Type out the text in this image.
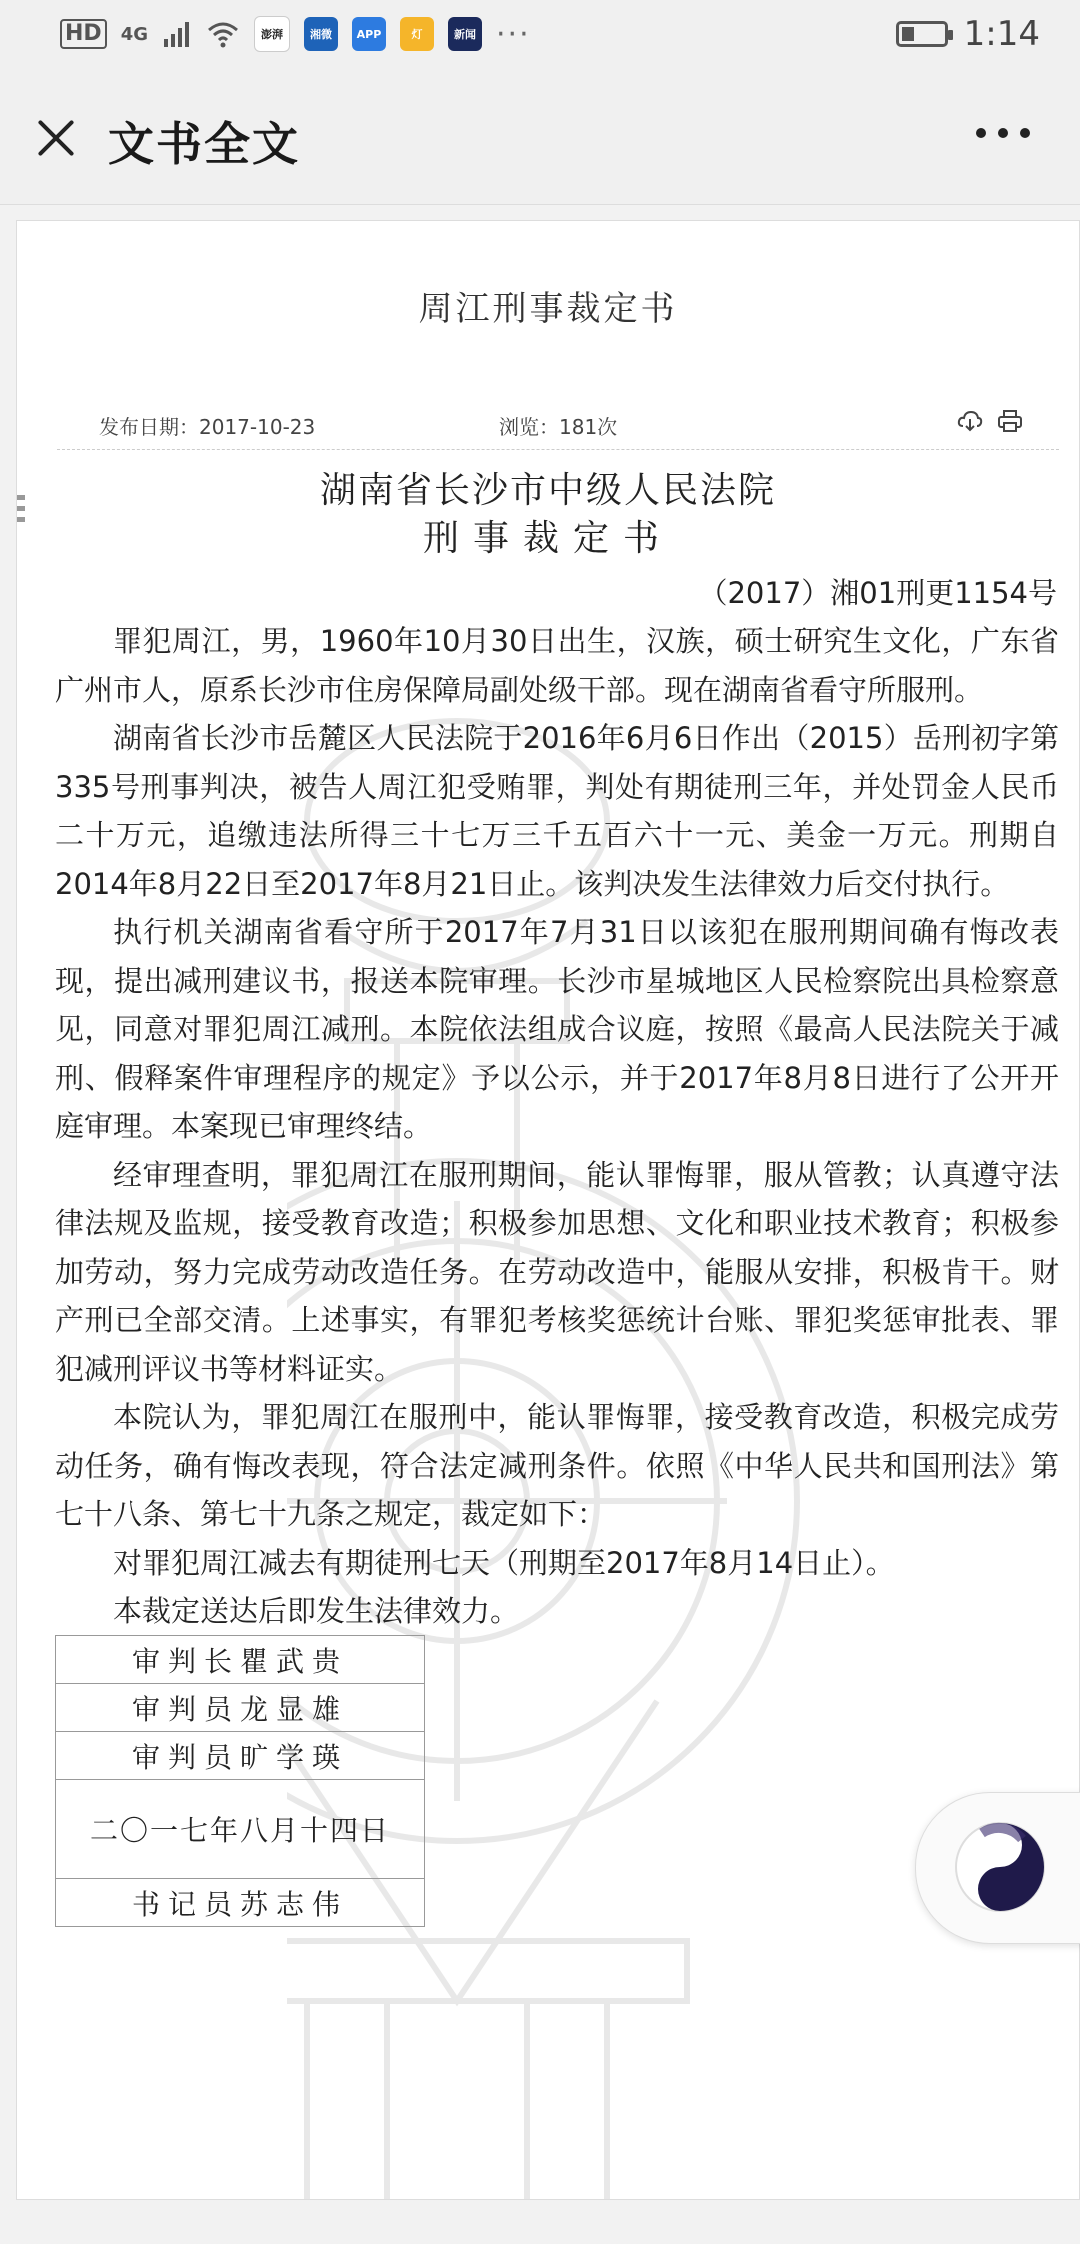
HD 4G	澎湃	湘微	APP	灯	新闻 ···	1:14
文书全文
周江刑事裁定书
发布日期：2017-10-23	浏览：181次
湖南省长沙市中级人民法院
刑事裁定书
（2017）湘01刑更1154号

罪犯周江，男，1960年10月30日出生，汉族，硕士研究生文化，广东省广州市人，原系长沙市住房保障局副处级干部。现在湖南省看守所服刑。

湖南省长沙市岳麓区人民法院于2016年6月6日作出（2015）岳刑初字第335号刑事判决，被告人周江犯受贿罪，判处有期徒刑三年，并处罚金人民币二十万元，追缴违法所得三十七万三千五百六十一元、美金一万元。刑期自2014年8月22日至2017年8月21日止。该判决发生法律效力后交付执行。

执行机关湖南省看守所于2017年7月31日以该犯在服刑期间确有悔改表现，提出减刑建议书，报送本院审理。长沙市星城地区人民检察院出具检察意见，同意对罪犯周江减刑。本院依法组成合议庭，按照《最高人民法院关于减刑、假释案件审理程序的规定》予以公示，并于2017年8月8日进行了公开开庭审理。本案现已审理终结。

经审理查明，罪犯周江在服刑期间，能认罪悔罪，服从管教；认真遵守法律法规及监规，接受教育改造；积极参加思想、文化和职业技术教育；积极参加劳动，努力完成劳动改造任务。在劳动改造中，能服从安排，积极肯干。财产刑已全部交清。上述事实，有罪犯考核奖惩统计台账、罪犯奖惩审批表、罪犯减刑评议书等材料证实。

本院认为，罪犯周江在服刑中，能认罪悔罪，接受教育改造，积极完成劳动任务，确有悔改表现，符合法定减刑条件。依照《中华人民共和国刑法》第七十八条、第七十九条之规定，裁定如下：

对罪犯周江减去有期徒刑七天（刑期至2017年8月14日止）。

本裁定送达后即发生法律效力。

审判长瞿武贵
审判员龙显雄
审判员旷学瑛
二〇一七年八月十四日
书记员苏志伟
